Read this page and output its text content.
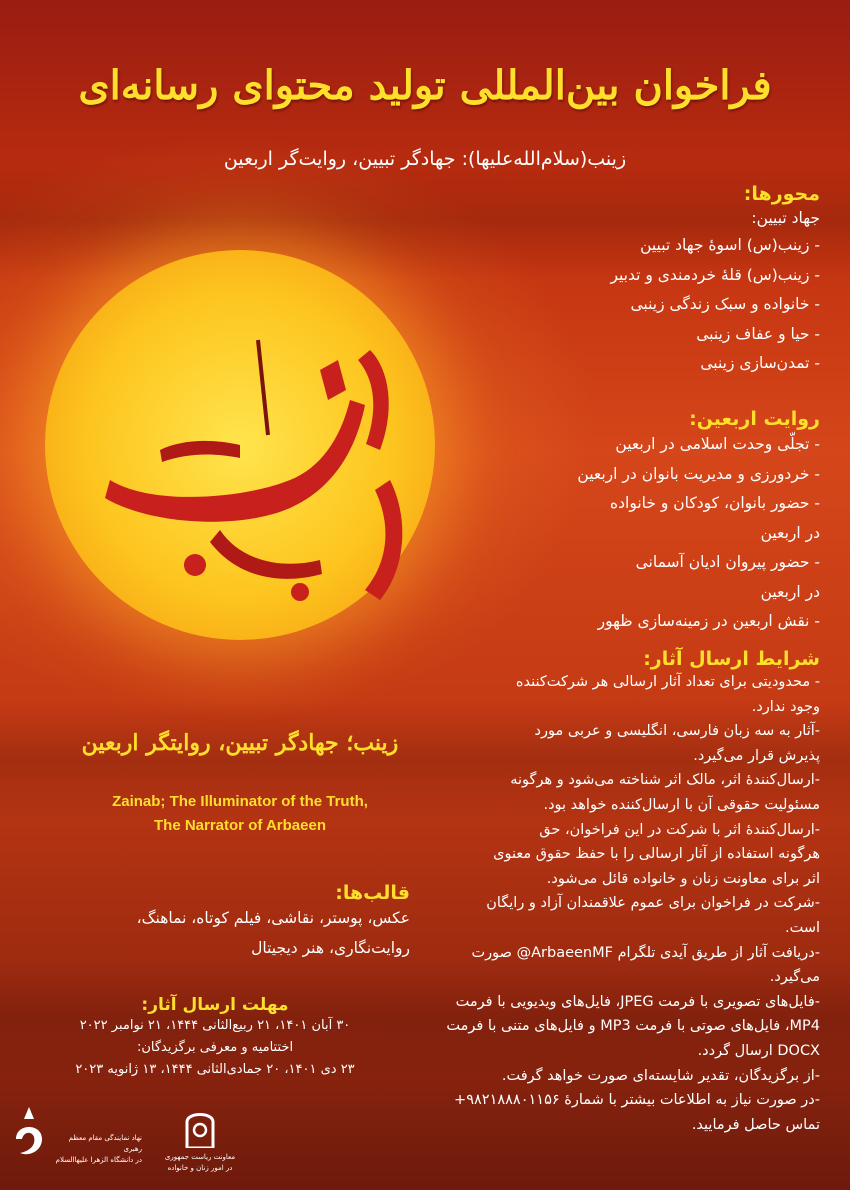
فراخوان بین‌المللی تولید محتوای رسانه‌ای
زینب(سلام‌الله‌علیها): جهادگر تبیین، روایت‌گر اربعین
محورها:
جهاد تبیین:
- زینب(س) اسوۀ جهاد تبیین
- زینب(س) قلۀ خردمندی و تدبیر
- خانواده و سبک زندگی زینبی
- حیا و عفاف زینبی
- تمدن‌سازی زینبی
روایت اربعین:
- تجلّی وحدت اسلامی در اربعین
- خردورزی و مدیریت بانوان در اربعین
- حضور بانوان، کودکان و خانواده
در اربعین
- حضور پیروان ادیان آسمانی
در اربعین
- نقش اربعین در زمینه‌سازی ظهور
شرایط ارسال آثار:
- محدودیتی برای تعداد آثار ارسالی هر شرکت‌کننده
وجود ندارد.
-آثار به سه زبان فارسی، انگلیسی و عربی مورد
پذیرش قرار می‌گیرد.
-ارسال‌کنندۀ اثر، مالک اثر شناخته می‌شود و هرگونه
مسئولیت حقوقی آن با ارسال‌کننده خواهد بود.
-ارسال‌کنندۀ اثر با شرکت در این فراخوان، حق
هرگونه استفاده از آثار ارسالی را با حفظ حقوق معنوی
اثر برای معاونت زنان و خانواده قائل می‌شود.
-شرکت در فراخوان برای عموم علاقمندان آزاد و رایگان
است.
-دریافت آثار از طریق آیدی تلگرام ArbaeenMF@ صورت
می‌گیرد.
-فایل‌های تصویری با فرمت JPEG، فایل‌های ویدیویی با فرمت
MP4، فایل‌های صوتی با فرمت MP3 و فایل‌های متنی با فرمت
DOCX ارسال گردد.
-از برگزیدگان، تقدیر شایسته‌ای صورت خواهد گرفت.
-در صورت نیاز به اطلاعات بیشتر با شمارۀ ۹۸۲۱۸۸۸۰۱۱۵۶+
تماس حاصل فرمایید.
زینب؛ جهادگر تبیین، روایتگر اربعین
Zainab; The Illuminator of the Truth,
The Narrator of Arbaeen
قالب‌ها:
عکس، پوستر، نقاشی، فیلم کوتاه، نماهنگ،
روایت‌نگاری، هنر دیجیتال
مهلت ارسال آثار:
۳۰ آبان ۱۴۰۱، ۲۱ ربیع‌الثانی ۱۴۴۴، ۲۱ نوامبر ۲۰۲۲
اختتامیه و معرفی برگزیدگان:
۲۳ دی ۱۴۰۱، ۲۰ جمادی‌الثانی ۱۴۴۴، ۱۳ ژانویه ۲۰۲۳
نهاد نمایندگی مقام معظم رهبری
در دانشگاه الزهرا علیها‌السلام	معاونت ریاست جمهوری
در امور زنان و خانواده
